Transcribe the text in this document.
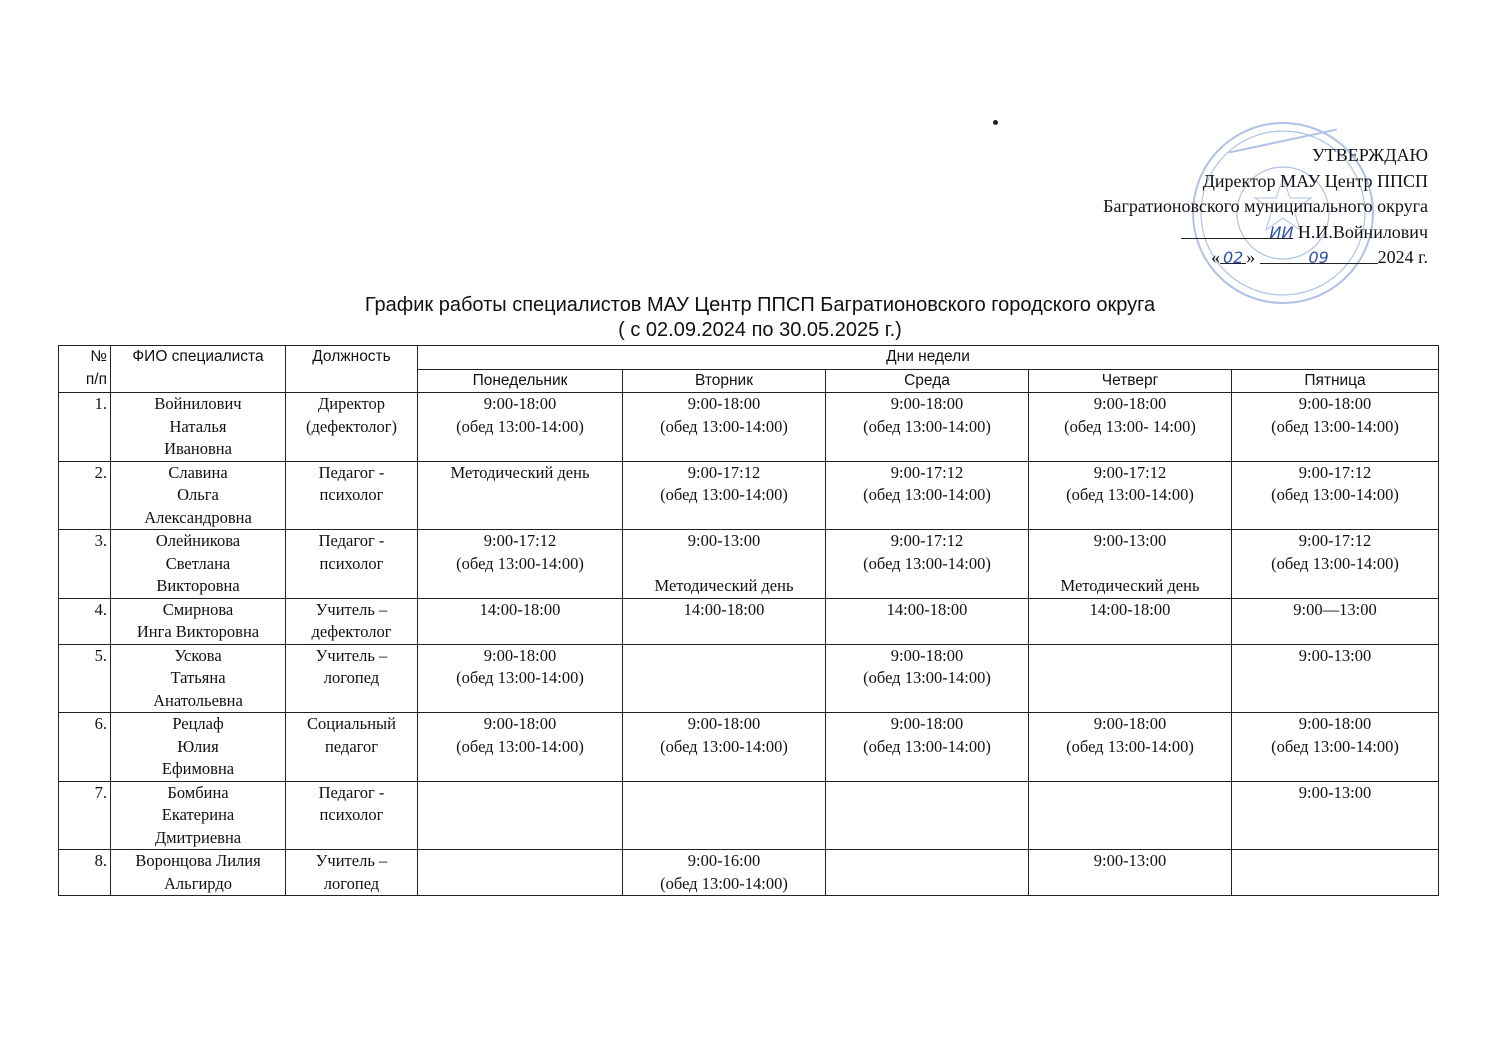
УТВЕРЖДАЮ
Директор МАУ Центр ППСП
Багратионовского муниципального округа
ИИ Н.И.Войнилович
« 02 »	09	2024 г.
График работы специалистов МАУ Центр ППСП Багратионовского городского округа
( с 02.09.2024 по 30.05.2025 г.)
№
п/п	ФИО специалиста	Должность	Дни недели				
			Понедельник	Вторник	Среда	Четверг	Пятница
1.	Войнилович
Наталья
Ивановна	Директор
(дефектолог)	9:00-18:00
(обед 13:00-14:00)	9:00-18:00
(обед 13:00-14:00)	9:00-18:00
(обед 13:00-14:00)	9:00-18:00
(обед 13:00- 14:00)	9:00-18:00
(обед 13:00-14:00)

2.	Славина
Ольга
Александровна	Педагог -
психолог	Методический день	9:00-17:12
(обед 13:00-14:00)	9:00-17:12
(обед 13:00-14:00)	9:00-17:12
(обед 13:00-14:00)	9:00-17:12
(обед 13:00-14:00)

3.	Олейникова
Светлана
Викторовна	Педагог -
психолог	9:00-17:12
(обед 13:00-14:00)	9:00-13:00
Методический день	9:00-17:12
(обед 13:00-14:00)	9:00-13:00
Методический день	9:00-17:12
(обед 13:00-14:00)

4.	Смирнова
Инга Викторовна	Учитель –
дефектолог	14:00-18:00	14:00-18:00	14:00-18:00	14:00-18:00	9:00—13:00

5.	Ускова
Татьяна
Анатольевна	Учитель –
логопед	9:00-18:00
(обед 13:00-14:00)		9:00-18:00
(обед 13:00-14:00)		9:00-13:00

6.	Рецлаф
Юлия
Ефимовна	Социальный
педагог	9:00-18:00
(обед 13:00-14:00)	9:00-18:00
(обед 13:00-14:00)	9:00-18:00
(обед 13:00-14:00)	9:00-18:00
(обед 13:00-14:00)	9:00-18:00
(обед 13:00-14:00)

7.	Бомбина
Екатерина
Дмитриевна	Педагог -
психолог					9:00-13:00

8.	Воронцова Лилия
Альгирдо	Учитель –
логопед		9:00-16:00
(обед 13:00-14:00)		9:00-13:00	
